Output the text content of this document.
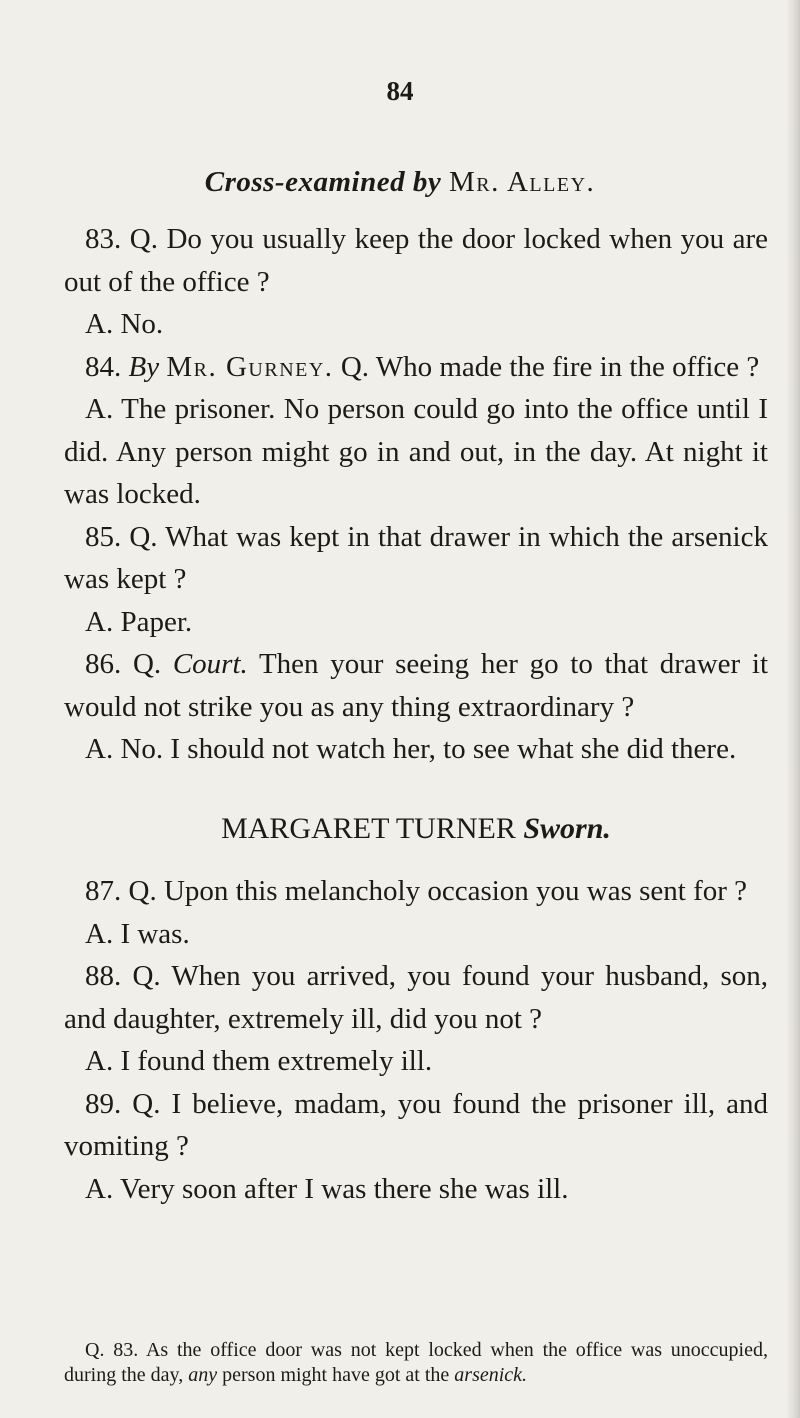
84
Cross-examined by Mr. Alley.

83. Q. Do you usually keep the door locked when you are out of the office ?

A. No.

84. By Mr. Gurney. Q. Who made the fire in the office ?

A. The prisoner. No person could go into the office until I did. Any person might go in and out, in the day. At night it was locked.

85. Q. What was kept in that drawer in which the arsenick was kept ?

A. Paper.

86. Q. Court. Then your seeing her go to that drawer it would not strike you as any thing extraordinary ?

A. No. I should not watch her, to see what she did there.

MARGARET TURNER Sworn.

87. Q. Upon this melancholy occasion you was sent for ?

A. I was.

88. Q. When you arrived, you found your husband, son, and daughter, extremely ill, did you not ?

A. I found them extremely ill.

89. Q. I believe, madam, you found the prisoner ill, and vomiting ?

A. Very soon after I was there she was ill.

Q. 83. As the office door was not kept locked when the office was unoccupied, during the day, any person might have got at the arsenick.
